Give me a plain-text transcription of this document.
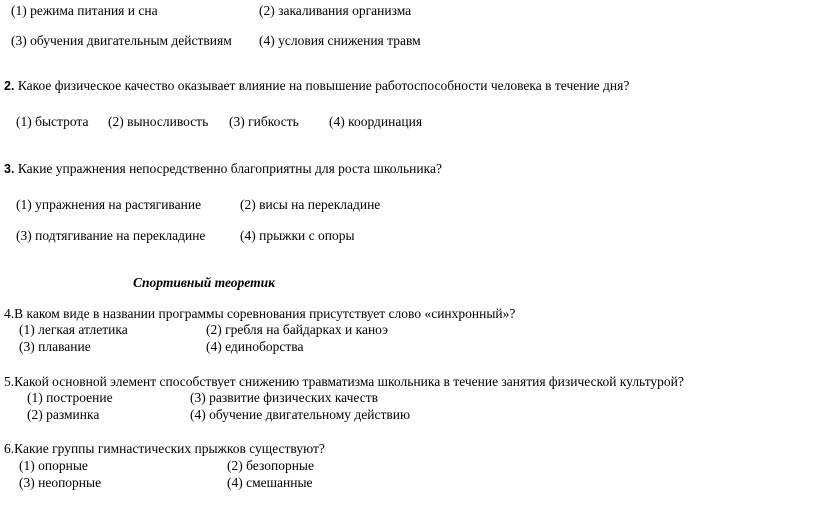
(1) режима питания и сна	(2) закаливания организма
(3) обучения двигательным действиям (4) условия снижения травм
2. Какое физическое качество оказывает влияние на повышение работоспособности человека в течение дня?
(1) быстрота (2) выносливость (3) гибкость (4) координация
3. Какие упражнения непосредственно благоприятны для роста школьника?
(1) упражнения на растягивание	(2) висы на перекладине
(3) подтягивание на перекладине	(4) прыжки с опоры
Спортивный теоретик
4.В каком виде в названии программы соревнования присутствует слово «синхронный»?
(1) легкая атлетика	(2) гребля на байдарках и каноэ
(3) плавание	(4) единоборства
5.Какой основной элемент способствует снижению травматизма школьника в течение занятия физической культурой?
(1) построение	(3) развитие физических качеств
(2) разминка	(4) обучение двигательному действию
6.Какие группы гимнастических прыжков существуют?
(1) опорные	(2) безопорные
(3) неопорные	(4) смешанные
